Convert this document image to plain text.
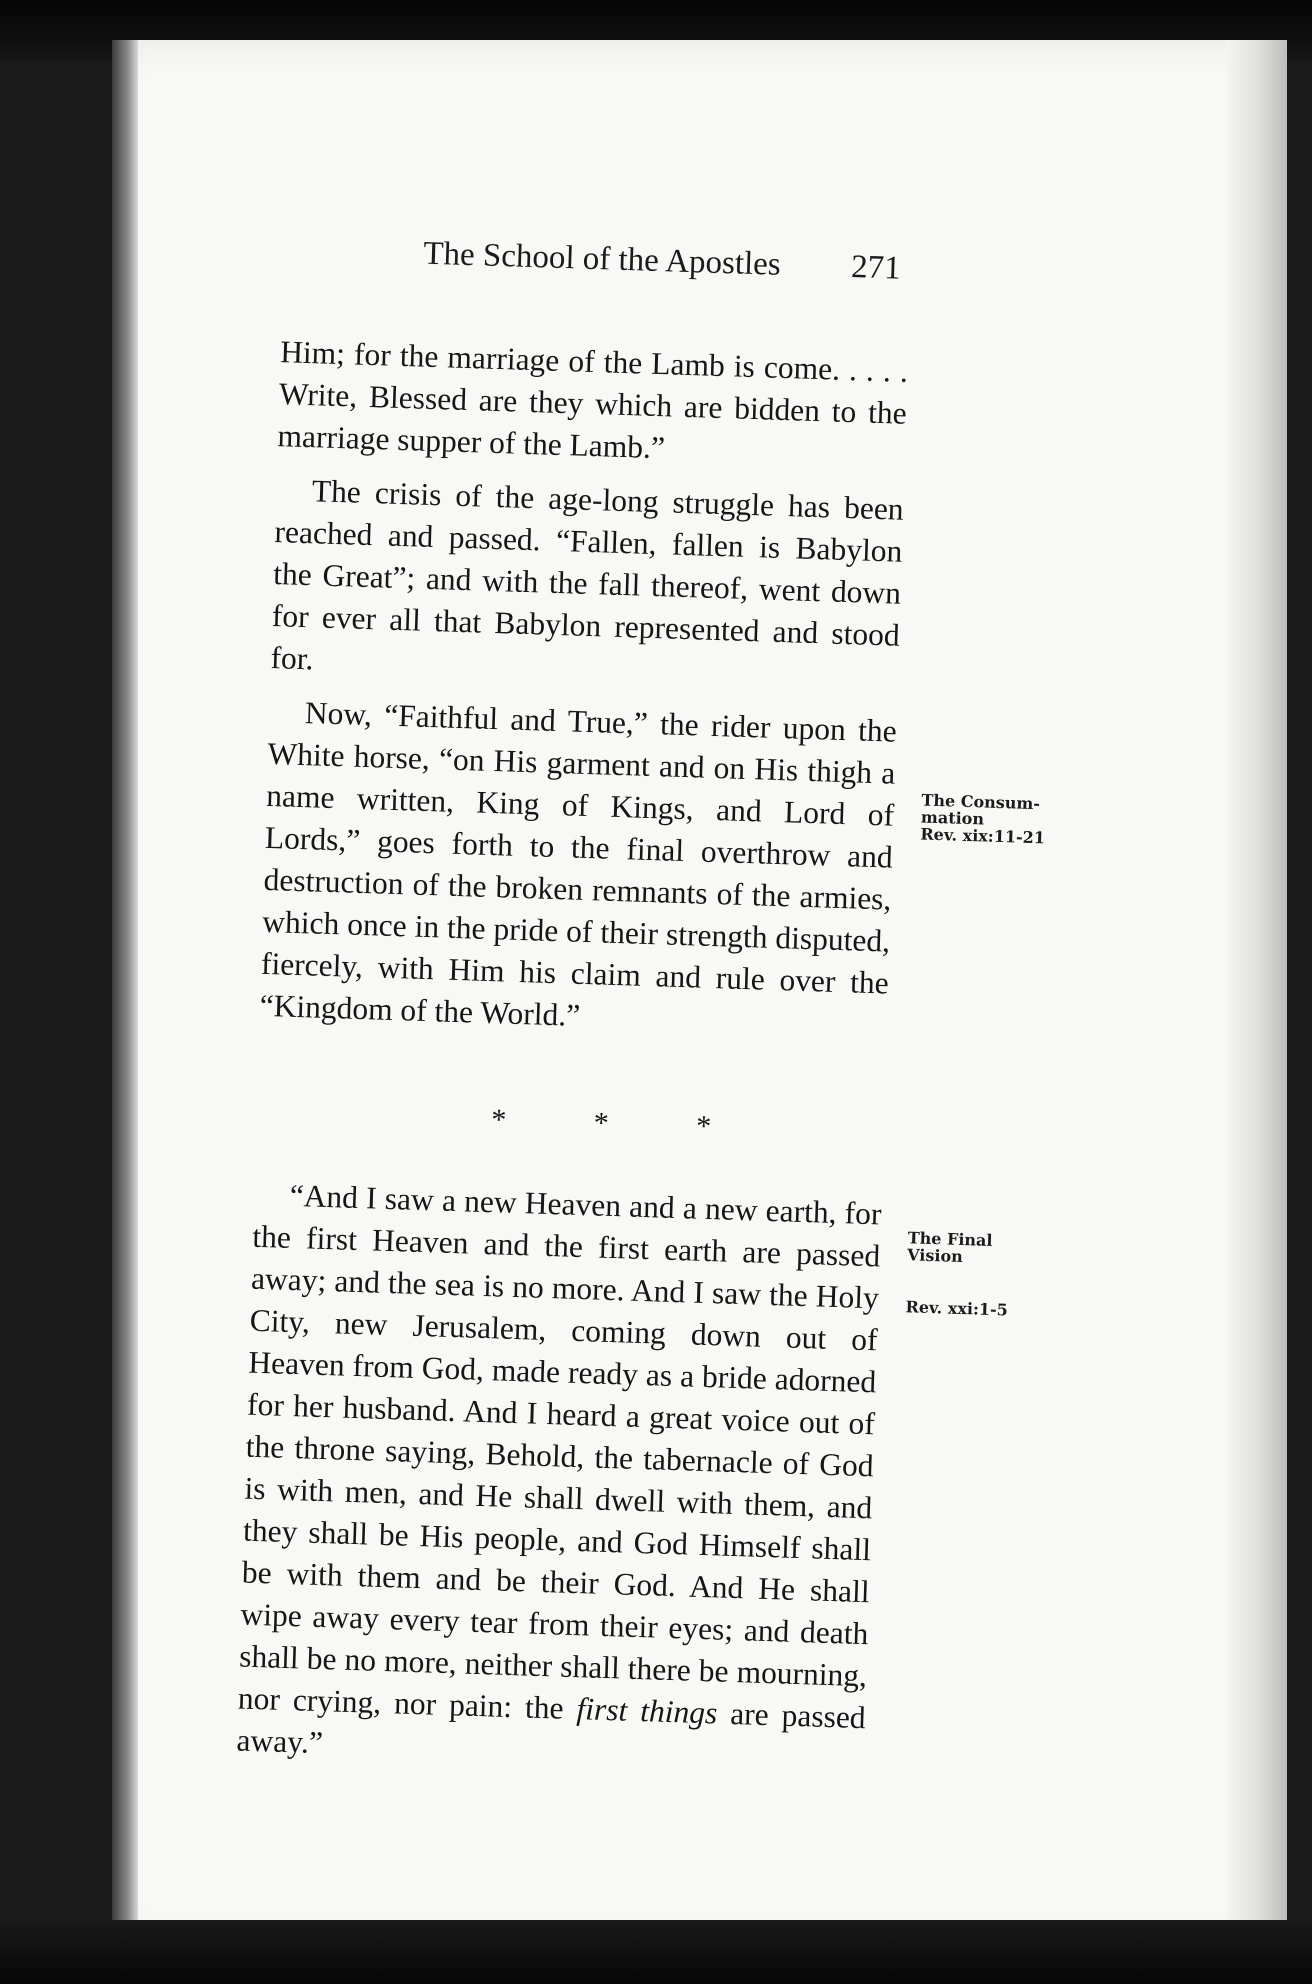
The School of the Apostles 271

Him; for the marriage of the Lamb is come. . . . . Write, Blessed are they which are bidden to the marriage supper of the Lamb.”

The crisis of the age-long struggle has been reached and passed. “Fallen, fallen is Babylon the Great”; and with the fall thereof, went down for ever all that Babylon represented and stood for.

Now, “Faithful and True,” the rider upon the White horse, “on His garment and on His thigh a name written, King of Kings, and Lord of Lords,” goes forth to the final overthrow and destruction of the broken remnants of the armies, which once in the pride of their strength disputed, fiercely, with Him his claim and rule over the “Kingdom of the World.”

*	*	*

“And I saw a new Heaven and a new earth, for the first Heaven and the first earth are passed away; and the sea is no more. And I saw the Holy City, new Jerusalem, coming down out of Heaven from God, made ready as a bride adorned for her husband. And I heard a great voice out of the throne saying, Behold, the tabernacle of God is with men, and He shall dwell with them, and they shall be His people, and God Himself shall be with them and be their God. And He shall wipe away every tear from their eyes; and death shall be no more, neither shall there be mourning, nor crying, nor pain: the first things are passed away.”

The Consum-
mation
Rev. xix:11-21
The Final
Vision
Rev. xxi:1-5
